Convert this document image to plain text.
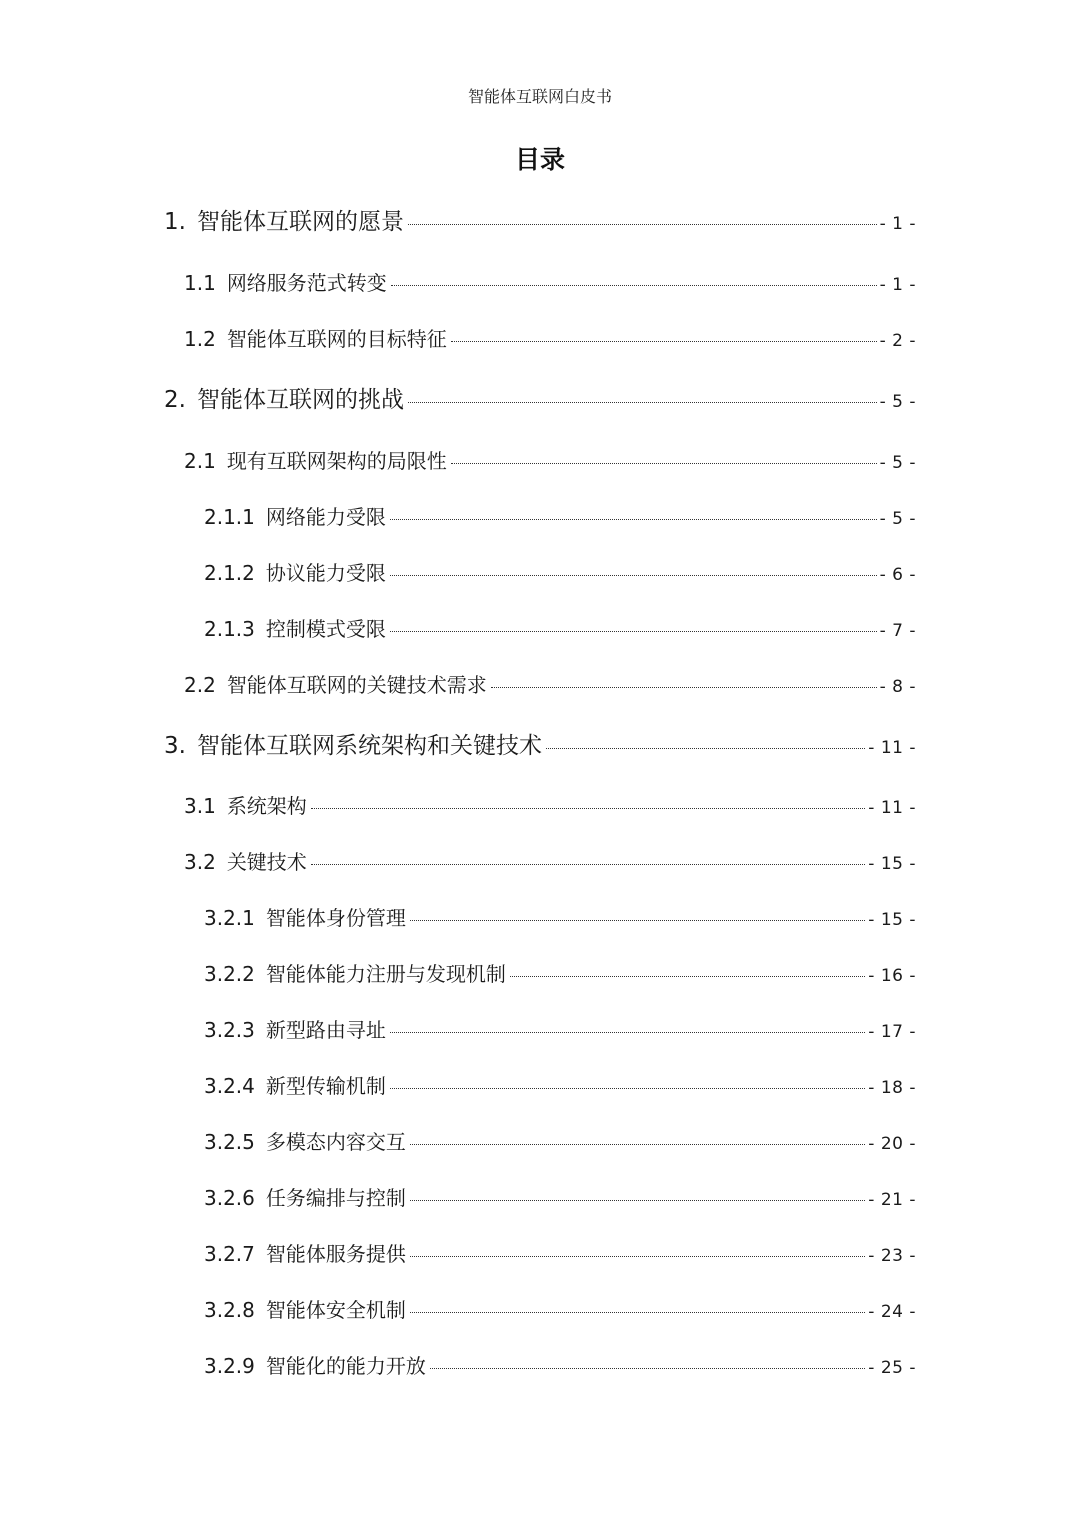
智能体互联网白皮书
目录
1. 智能体互联网的愿景	- 1 -
1.1 网络服务范式转变	- 1 -
1.2 智能体互联网的目标特征	- 2 -
2. 智能体互联网的挑战	- 5 -
2.1 现有互联网架构的局限性	- 5 -
2.1.1 网络能力受限	- 5 -
2.1.2 协议能力受限	- 6 -
2.1.3 控制模式受限	- 7 -
2.2 智能体互联网的关键技术需求	- 8 -
3. 智能体互联网系统架构和关键技术	- 11 -
3.1 系统架构	- 11 -
3.2 关键技术	- 15 -
3.2.1 智能体身份管理	- 15 -
3.2.2 智能体能力注册与发现机制	- 16 -
3.2.3 新型路由寻址	- 17 -
3.2.4 新型传输机制	- 18 -
3.2.5 多模态内容交互	- 20 -
3.2.6 任务编排与控制	- 21 -
3.2.7 智能体服务提供	- 23 -
3.2.8 智能体安全机制	- 24 -
3.2.9 智能化的能力开放	- 25 -
